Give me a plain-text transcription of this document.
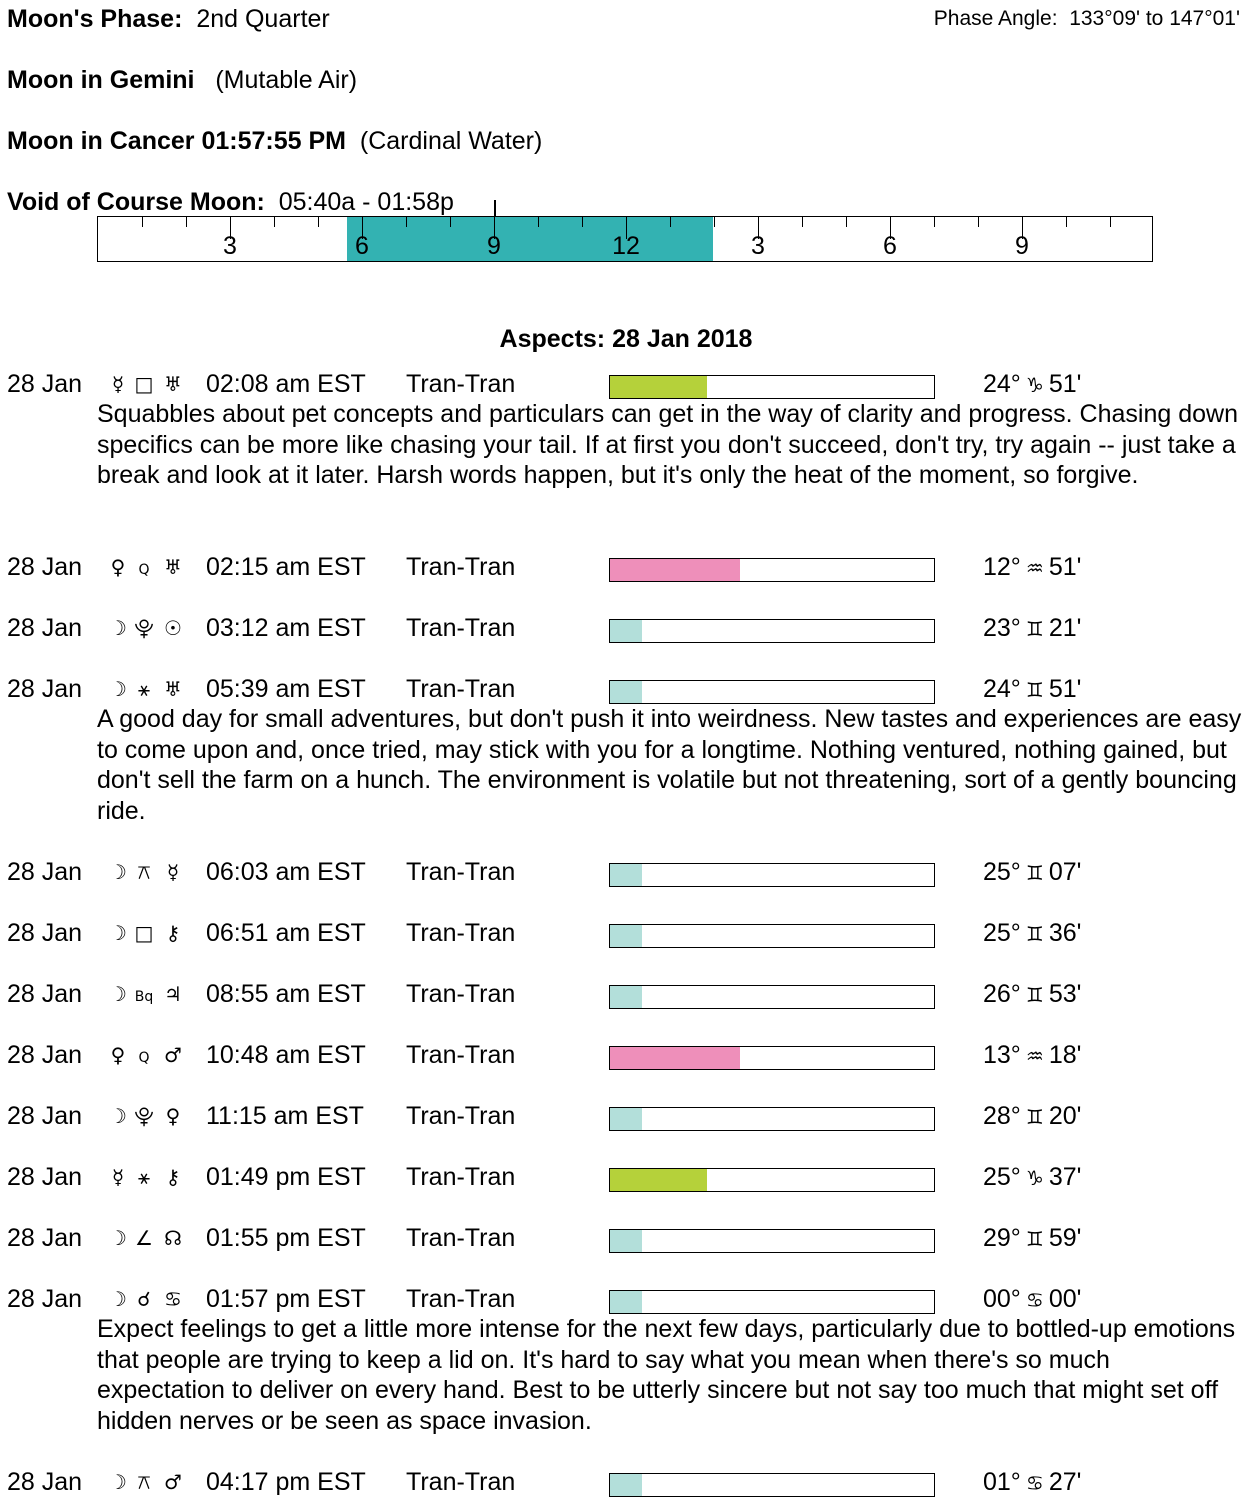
Moon's Phase: 2nd Quarter	Phase Angle: 133°09' to 147°01'
Moon in Gemini (Mutable Air)
Moon in Cancer 01:57:55 PM (Cardinal Water)
Void of Course Moon: 05:40a - 01:58p
3	6	9	12	3	6	9
Aspects: 28 Jan 2018
28 Jan ☿ □ ♅ 02:08 am EST Tran-Tran	24° ♑ 51'
Squabbles about pet concepts and particulars can get in the way of clarity and progress. Chasing down specifics can be more like chasing your tail. If at first you don't succeed, don't try, try again -- just take a break and look at it later. Harsh words happen, but it's only the heat of the moment, so forgive.
28 Jan ♀ Q ♅ 02:15 am EST Tran-Tran	12° ♒ 51'
28 Jan ☽ ⯓ ☉ 03:12 am EST Tran-Tran	23° ♊ 21'
28 Jan ☽ ⚹ ♅ 05:39 am EST Tran-Tran	24° ♊ 51'
A good day for small adventures, but don't push it into weirdness. New tastes and experiences are easy to come upon and, once tried, may stick with you for a longtime. Nothing ventured, nothing gained, but don't sell the farm on a hunch. The environment is volatile but not threatening, sort of a gently bouncing ride.
28 Jan ☽ ⚻ ☿	06:03 am EST Tran-Tran	25° ♊ 07'
28 Jan ☽ □ ⚷ 06:51 am EST Tran-Tran	25° ♊ 36'
28 Jan ☽ Bq ♃ 08:55 am EST Tran-Tran	26° ♊ 53'
28 Jan ♀ Q ♂ 10:48 am EST Tran-Tran	13° ♒ 18'
28 Jan ☽ ⯓ ♀ 11:15 am EST Tran-Tran	28° ♊ 20'
28 Jan ☿ ⚹ ⚷ 01:49 pm EST Tran-Tran	25° ♑ 37'
28 Jan ☽ ∠ ☊ 01:55 pm EST Tran-Tran	29° ♊ 59'
28 Jan ☽ ☌ ♋ 01:57 pm EST Tran-Tran	00° ♋ 00'
Expect feelings to get a little more intense for the next few days, particularly due to bottled-up emotions that people are trying to keep a lid on. It's hard to say what you mean when there's so much expectation to deliver on every hand. Best to be utterly sincere but not say too much that might set off hidden nerves or be seen as space invasion.
28 Jan ☽ ⚻ ♂ 04:17 pm EST Tran-Tran	01° ♋ 27'
